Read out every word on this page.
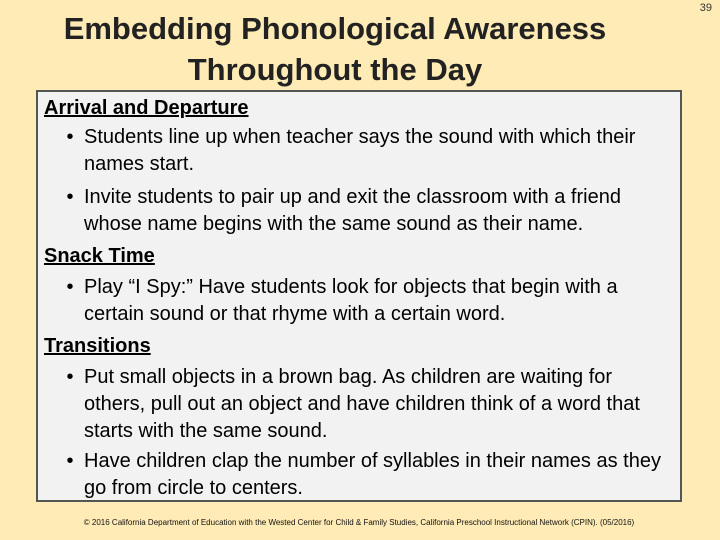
39
Embedding Phonological Awareness
Throughout the Day
Arrival and Departure
• Students line up when teacher says the sound with which their names start.
• Invite students to pair up and exit the classroom with a friend whose name begins with the same sound as their name.
Snack Time
• Play “I Spy:” Have students look for objects that begin with a certain sound or that rhyme with a certain word.
Transitions
• Put small objects in a brown bag. As children are waiting for others, pull out an object and have children think of a word that starts with the same sound.
• Have children clap the number of syllables in their names as they go from circle to centers.
© 2016 California Department of Education with the Wested Center for Child & Family Studies, California Preschool Instructional Network (CPIN). (05/2016)
